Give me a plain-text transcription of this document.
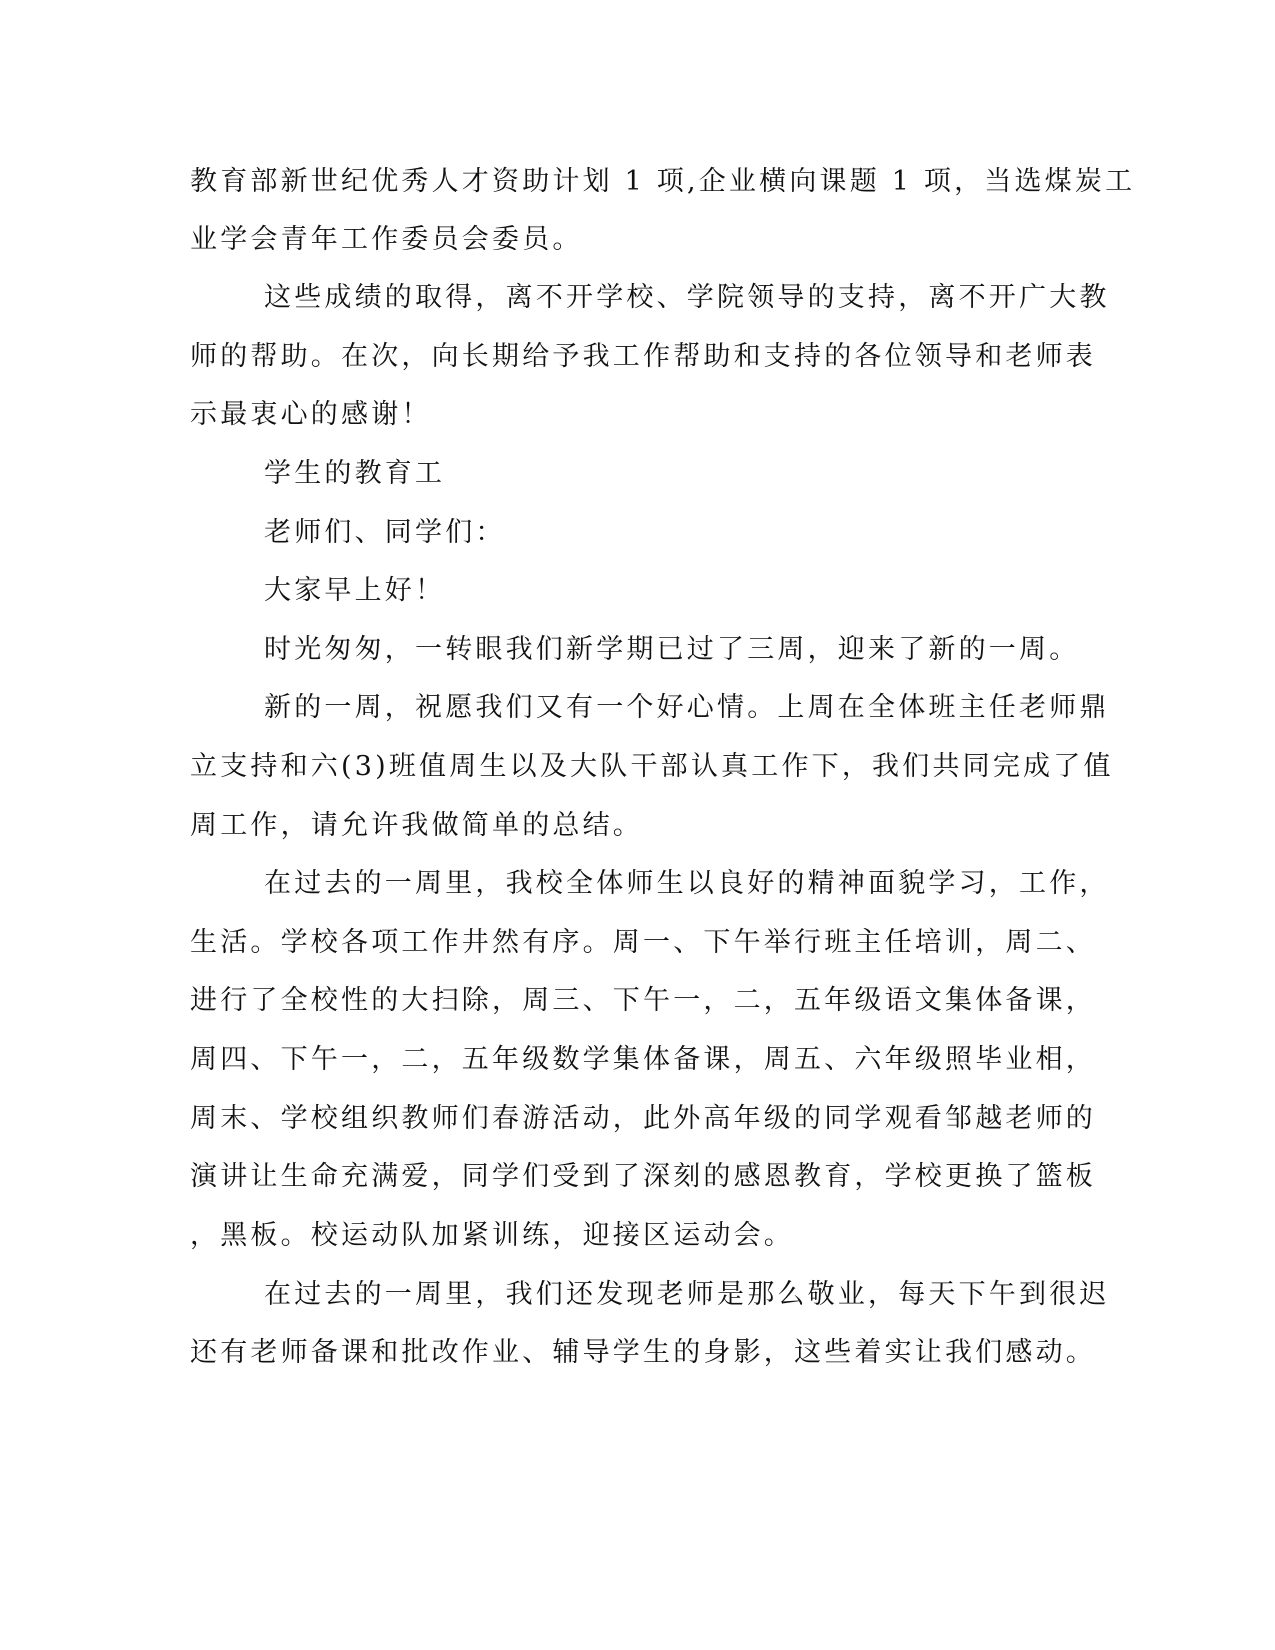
教育部新世纪优秀人才资助计划 1 项,企业横向课题 1 项，当选煤炭工
业学会青年工作委员会委员。
这些成绩的取得，离不开学校、学院领导的支持，离不开广大教
师的帮助。在次，向长期给予我工作帮助和支持的各位领导和老师表
示最衷心的感谢！
学生的教育工
老师们、同学们：
大家早上好！
时光匆匆，一转眼我们新学期已过了三周，迎来了新的一周。
新的一周，祝愿我们又有一个好心情。上周在全体班主任老师鼎
立支持和六(3)班值周生以及大队干部认真工作下，我们共同完成了值
周工作，请允许我做简单的总结。
在过去的一周里，我校全体师生以良好的精神面貌学习，工作，
生活。学校各项工作井然有序。周一、下午举行班主任培训，周二、
进行了全校性的大扫除，周三、下午一，二，五年级语文集体备课，
周四、下午一，二，五年级数学集体备课，周五、六年级照毕业相，
周末、学校组织教师们春游活动，此外高年级的同学观看邹越老师的
演讲让生命充满爱，同学们受到了深刻的感恩教育，学校更换了篮板
，黑板。校运动队加紧训练，迎接区运动会。
在过去的一周里，我们还发现老师是那么敬业，每天下午到很迟
还有老师备课和批改作业、辅导学生的身影，这些着实让我们感动。
